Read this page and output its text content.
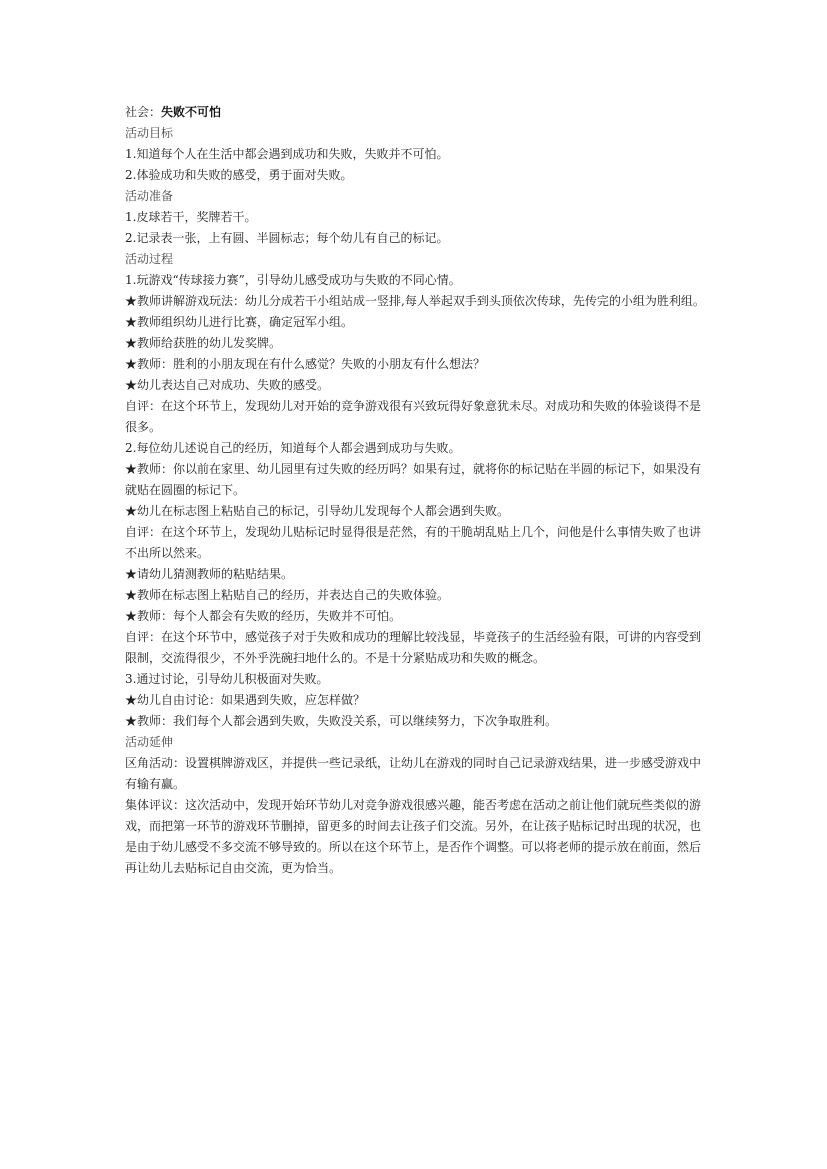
社会：失败不可怕

活动目标

1.知道每个人在生活中都会遇到成功和失败，失败并不可怕。

2.体验成功和失败的感受，勇于面对失败。

活动准备

1.皮球若干，奖牌若干。

2.记录表一张，上有圆、半圆标志；每个幼儿有自己的标记。

活动过程

1.玩游戏“传球接力赛”，引导幼儿感受成功与失败的不同心情。

★教师讲解游戏玩法：幼儿分成若干小组站成一竖排,每人举起双手到头顶依次传球，先传完的小组为胜利组。

★教师组织幼儿进行比赛，确定冠军小组。

★教师给获胜的幼儿发奖牌。

★教师：胜利的小朋友现在有什么感觉？失败的小朋友有什么想法？

★幼儿表达自己对成功、失败的感受。

自评：在这个环节上，发现幼儿对开始的竞争游戏很有兴致玩得好象意犹未尽。对成功和失败的体验谈得不是很多。

2.每位幼儿述说自己的经历，知道每个人都会遇到成功与失败。

★教师：你以前在家里、幼儿园里有过失败的经历吗？如果有过，就将你的标记贴在半圆的标记下，如果没有就贴在圆圈的标记下。

★幼儿在标志图上粘贴自己的标记，引导幼儿发现每个人都会遇到失败。

自评：在这个环节上，发现幼儿贴标记时显得很是茫然，有的干脆胡乱贴上几个，问他是什么事情失败了也讲不出所以然来。

★请幼儿猜测教师的粘贴结果。

★教师在标志图上粘贴自己的经历，并表达自己的失败体验。

★教师：每个人都会有失败的经历，失败并不可怕。

自评：在这个环节中，感觉孩子对于失败和成功的理解比较浅显，毕竟孩子的生活经验有限，可讲的内容受到限制，交流得很少，不外乎洗碗扫地什么的。不是十分紧贴成功和失败的概念。

3.通过讨论，引导幼儿积极面对失败。

★幼儿自由讨论：如果遇到失败，应怎样做？

★教师：我们每个人都会遇到失败，失败没关系，可以继续努力，下次争取胜利。

活动延伸

区角活动：设置棋牌游戏区，并提供一些记录纸，让幼儿在游戏的同时自己记录游戏结果，进一步感受游戏中有输有赢。

集体评议：这次活动中，发现开始环节幼儿对竞争游戏很感兴趣，能否考虑在活动之前让他们就玩些类似的游戏，而把第一环节的游戏环节删掉，留更多的时间去让孩子们交流。另外，在让孩子贴标记时出现的状况，也是由于幼儿感受不多交流不够导致的。所以在这个环节上，是否作个调整。可以将老师的提示放在前面，然后再让幼儿去贴标记自由交流，更为恰当。
